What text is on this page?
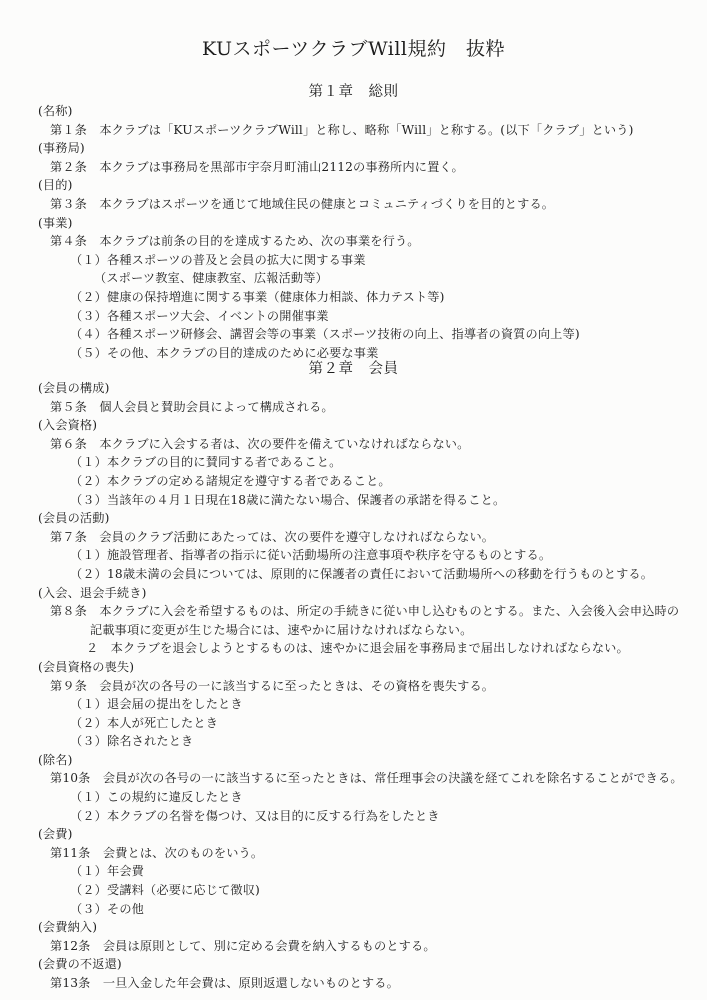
KUスポーツクラブWill規約　抜粋
第１章　総則
(名称)
第１条　本クラブは「KUスポーツクラブWill」と称し、略称「Will」と称する。(以下「クラブ」という)
(事務局)
第２条　本クラブは事務局を黒部市宇奈月町浦山2112の事務所内に置く。
(目的)
第３条　本クラブはスポーツを通じて地域住民の健康とコミュニティづくりを目的とする。
(事業)
第４条　本クラブは前条の目的を達成するため、次の事業を行う。
（１）各種スポーツの普及と会員の拡大に関する事業
（スポーツ教室、健康教室、広報活動等）
（２）健康の保持増進に関する事業（健康体力相談、体力テスト等)
（３）各種スポーツ大会、イベントの開催事業
（４）各種スポーツ研修会、講習会等の事業（スポーツ技術の向上、指導者の資質の向上等)
（５）その他、本クラブの目的達成のために必要な事業
第２章　会員
(会員の構成)
第５条　個人会員と賛助会員によって構成される。
(入会資格)
第６条　本クラブに入会する者は、次の要件を備えていなければならない。
（１）本クラブの目的に賛同する者であること。
（２）本クラブの定める諸規定を遵守する者であること。
（３）当該年の４月１日現在18歳に満たない場合、保護者の承諾を得ること。
(会員の活動)
第７条　会員のクラブ活動にあたっては、次の要件を遵守しなければならない。
（１）施設管理者、指導者の指示に従い活動場所の注意事項や秩序を守るものとする。
（２）18歳未満の会員については、原則的に保護者の責任において活動場所への移動を行うものとする。
(入会、退会手続き)
第８条　本クラブに入会を希望するものは、所定の手続きに従い申し込むものとする。また、入会後入会申込時の
記載事項に変更が生じた場合には、速やかに届けなければならない。
２　本クラブを退会しようとするものは、速やかに退会届を事務局まで届出しなければならない。
(会員資格の喪失)
第９条　会員が次の各号の一に該当するに至ったときは、その資格を喪失する。
（１）退会届の提出をしたとき
（２）本人が死亡したとき
（３）除名されたとき
(除名)
第10条　会員が次の各号の一に該当するに至ったときは、常任理事会の決議を経てこれを除名することができる。
（１）この規約に違反したとき
（２）本クラブの名誉を傷つけ、又は目的に反する行為をしたとき
(会費)
第11条　会費とは、次のものをいう。
（１）年会費
（２）受講料（必要に応じて徴収)
（３）その他
(会費納入)
第12条　会員は原則として、別に定める会費を納入するものとする。
(会費の不返還)
第13条　一旦入金した年会費は、原則返還しないものとする。
